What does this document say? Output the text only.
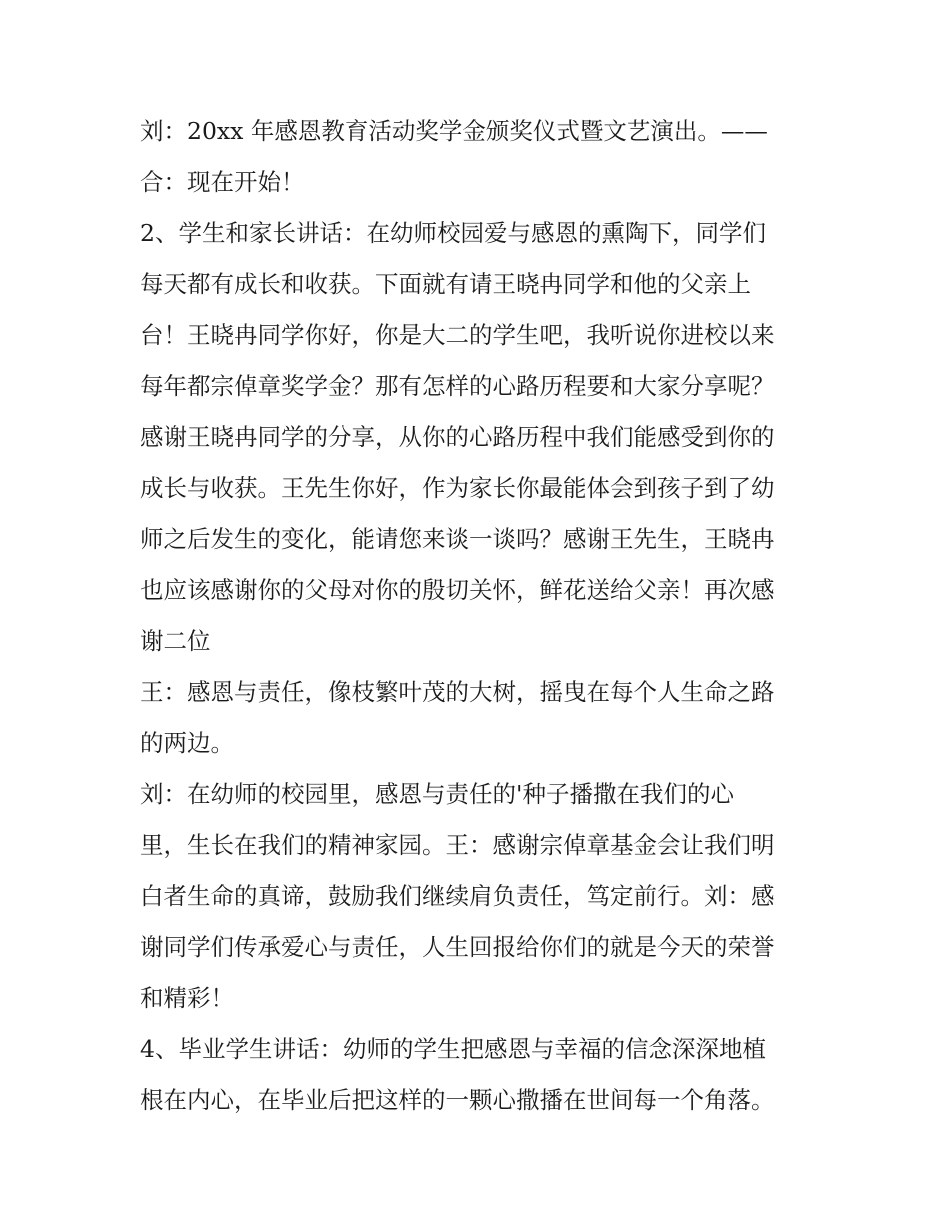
刘：20xx 年感恩教育活动奖学金颁奖仪式暨文艺演出。——
合：现在开始！
2、学生和家长讲话：在幼师校园爱与感恩的熏陶下，同学们
每天都有成长和收获。下面就有请王晓冉同学和他的父亲上
台！王晓冉同学你好，你是大二的学生吧，我听说你进校以来
每年都宗倬章奖学金？那有怎样的心路历程要和大家分享呢？
感谢王晓冉同学的分享，从你的心路历程中我们能感受到你的
成长与收获。王先生你好，作为家长你最能体会到孩子到了幼
师之后发生的变化，能请您来谈一谈吗？感谢王先生，王晓冉
也应该感谢你的父母对你的殷切关怀，鲜花送给父亲！再次感
谢二位
王：感恩与责任，像枝繁叶茂的大树，摇曳在每个人生命之路
的两边。
刘：在幼师的校园里，感恩与责任的'种子播撒在我们的心
里，生长在我们的精神家园。王：感谢宗倬章基金会让我们明
白者生命的真谛，鼓励我们继续肩负责任，笃定前行。刘：感
谢同学们传承爱心与责任，人生回报给你们的就是今天的荣誉
和精彩！
4、毕业学生讲话：幼师的学生把感恩与幸福的信念深深地植
根在内心，在毕业后把这样的一颗心撒播在世间每一个角落。
